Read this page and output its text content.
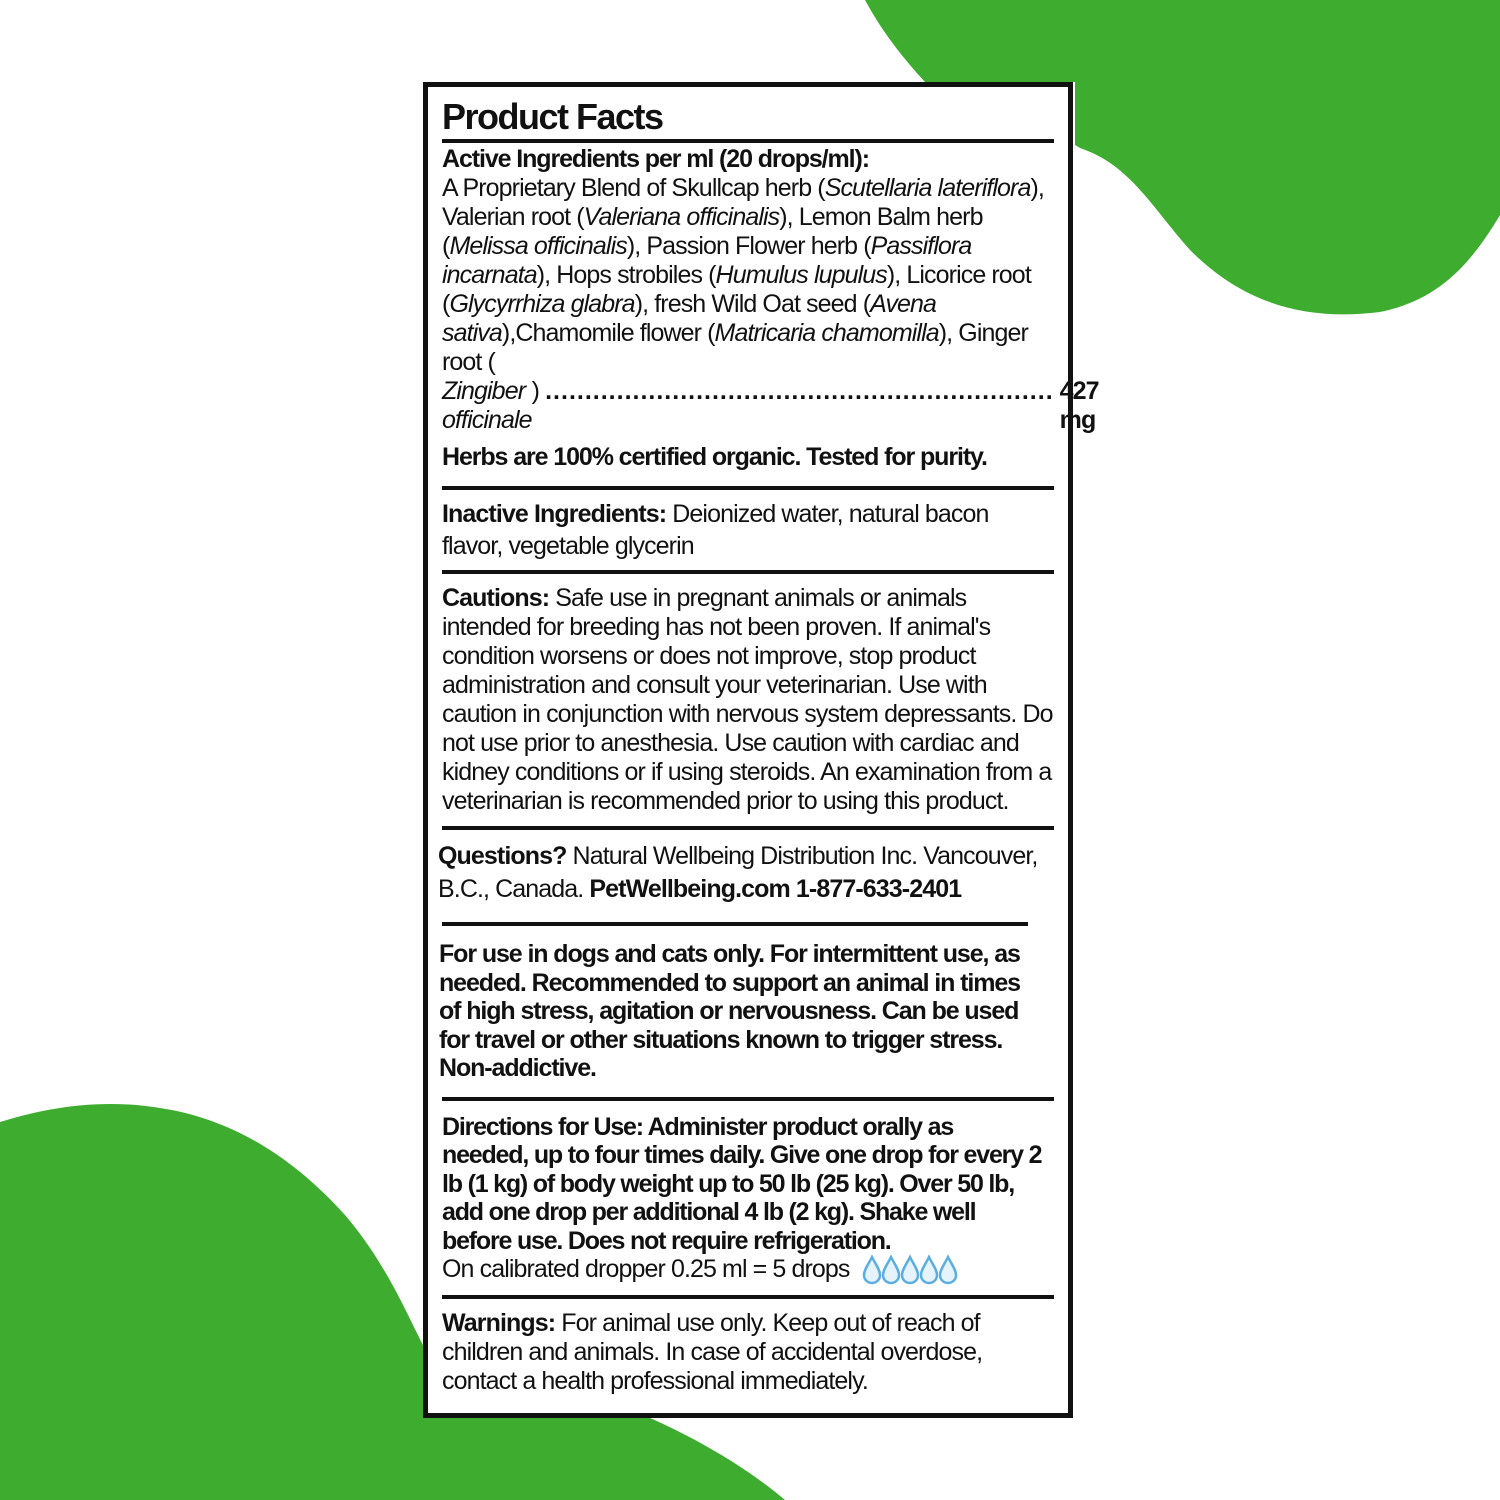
Product Facts
Active Ingredients per ml (20 drops/ml):
A Proprietary Blend of Skullcap herb (Scutellaria lateriflora), Valerian root (Valeriana officinalis), Lemon Balm herb (Melissa officinalis), Passion Flower herb (Passiflora incarnata), Hops strobiles (Humulus lupulus), Licorice root (Glycyrrhiza glabra), fresh Wild Oat seed (Avena sativa),Chamomile flower (Matricaria chamomilla), Ginger root (
Zingiber officinale
) ................................................................ 427 mg
Herbs are 100% certified organic. Tested for purity.
Inactive Ingredients: Deionized water, natural bacon flavor, vegetable glycerin
Cautions: Safe use in pregnant animals or animals intended for breeding has not been proven. If animal's condition worsens or does not improve, stop product administration and consult your veterinarian. Use with caution in conjunction with nervous system depressants. Do not use prior to anesthesia. Use caution with cardiac and kidney conditions or if using steroids. An examination from a veterinarian is recommended prior to using this product.
Questions? Natural Wellbeing Distribution Inc. Vancouver, B.C., Canada. PetWellbeing.com 1-877-633-2401
For use in dogs and cats only. For intermittent use, as needed. Recommended to support an animal in times of high stress, agitation or nervousness. Can be used for travel or other situations known to trigger stress. Non-addictive.
Directions for Use: Administer product orally as needed, up to four times daily. Give one drop for every 2 lb (1 kg) of body weight up to 50 lb (25 kg). Over 50 lb, add one drop per additional 4 lb (2 kg). Shake well before use. Does not require refrigeration.
On calibrated dropper 0.25 ml = 5 drops
Warnings: For animal use only. Keep out of reach of children and animals. In case of accidental overdose, contact a health professional immediately.
